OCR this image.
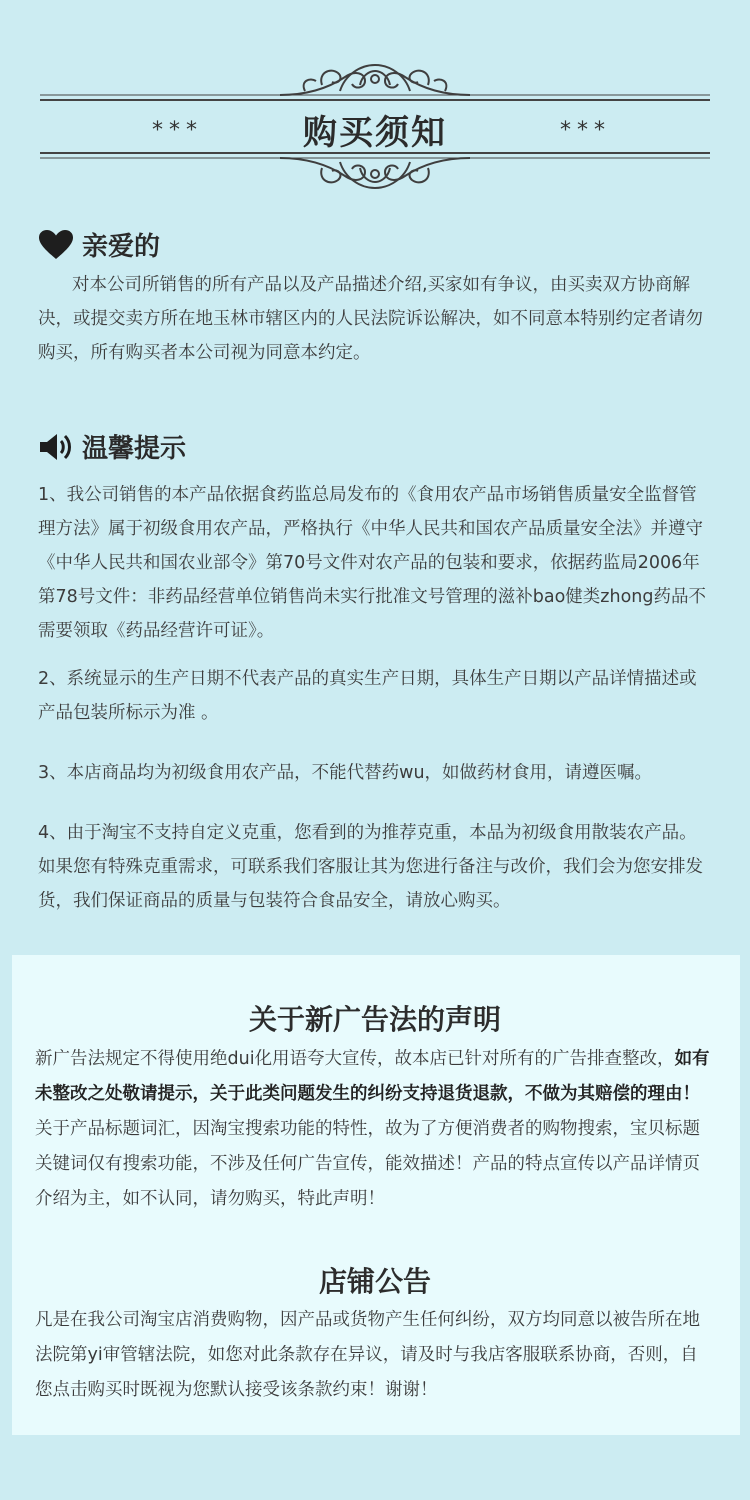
***	购买须知	***
亲爱的
对本公司所销售的所有产品以及产品描述介绍,买家如有争议，由买卖双方协商解决，或提交卖方所在地玉林市辖区内的人民法院诉讼解决，如不同意本特别约定者请勿购买，所有购买者本公司视为同意本约定。
温馨提示
1、我公司销售的本产品依据食药监总局发布的《食用农产品市场销售质量安全监督管理方法》属于初级食用农产品，严格执行《中华人民共和国农产品质量安全法》并遵守《中华人民共和国农业部令》第70号文件对农产品的包装和要求，依据药监局2006年第78号文件：非药品经营单位销售尚未实行批准文号管理的滋补bao健类zhong药品不需要领取《药品经营许可证》。
2、系统显示的生产日期不代表产品的真实生产日期，具体生产日期以产品详情描述或产品包装所标示为准 。
3、本店商品均为初级食用农产品，不能代替药wu，如做药材食用，请遵医嘱。
4、由于淘宝不支持自定义克重，您看到的为推荐克重，本品为初级食用散装农产品。如果您有特殊克重需求，可联系我们客服让其为您进行备注与改价，我们会为您安排发货，我们保证商品的质量与包装符合食品安全，请放心购买。
关于新广告法的声明
新广告法规定不得使用绝dui化用语夸大宣传，故本店已针对所有的广告排查整改，如有未整改之处敬请提示，关于此类问题发生的纠纷支持退货退款，不做为其赔偿的理由！关于产品标题词汇，因淘宝搜索功能的特性，故为了方便消费者的购物搜索，宝贝标题关键词仅有搜索功能，不涉及任何广告宣传，能效描述！产品的特点宣传以产品详情页介绍为主，如不认同，请勿购买，特此声明！
店铺公告
凡是在我公司淘宝店消费购物，因产品或货物产生任何纠纷，双方均同意以被告所在地法院第yi审管辖法院，如您对此条款存在异议，请及时与我店客服联系协商，否则，自您点击购买时既视为您默认接受该条款约束！谢谢！
